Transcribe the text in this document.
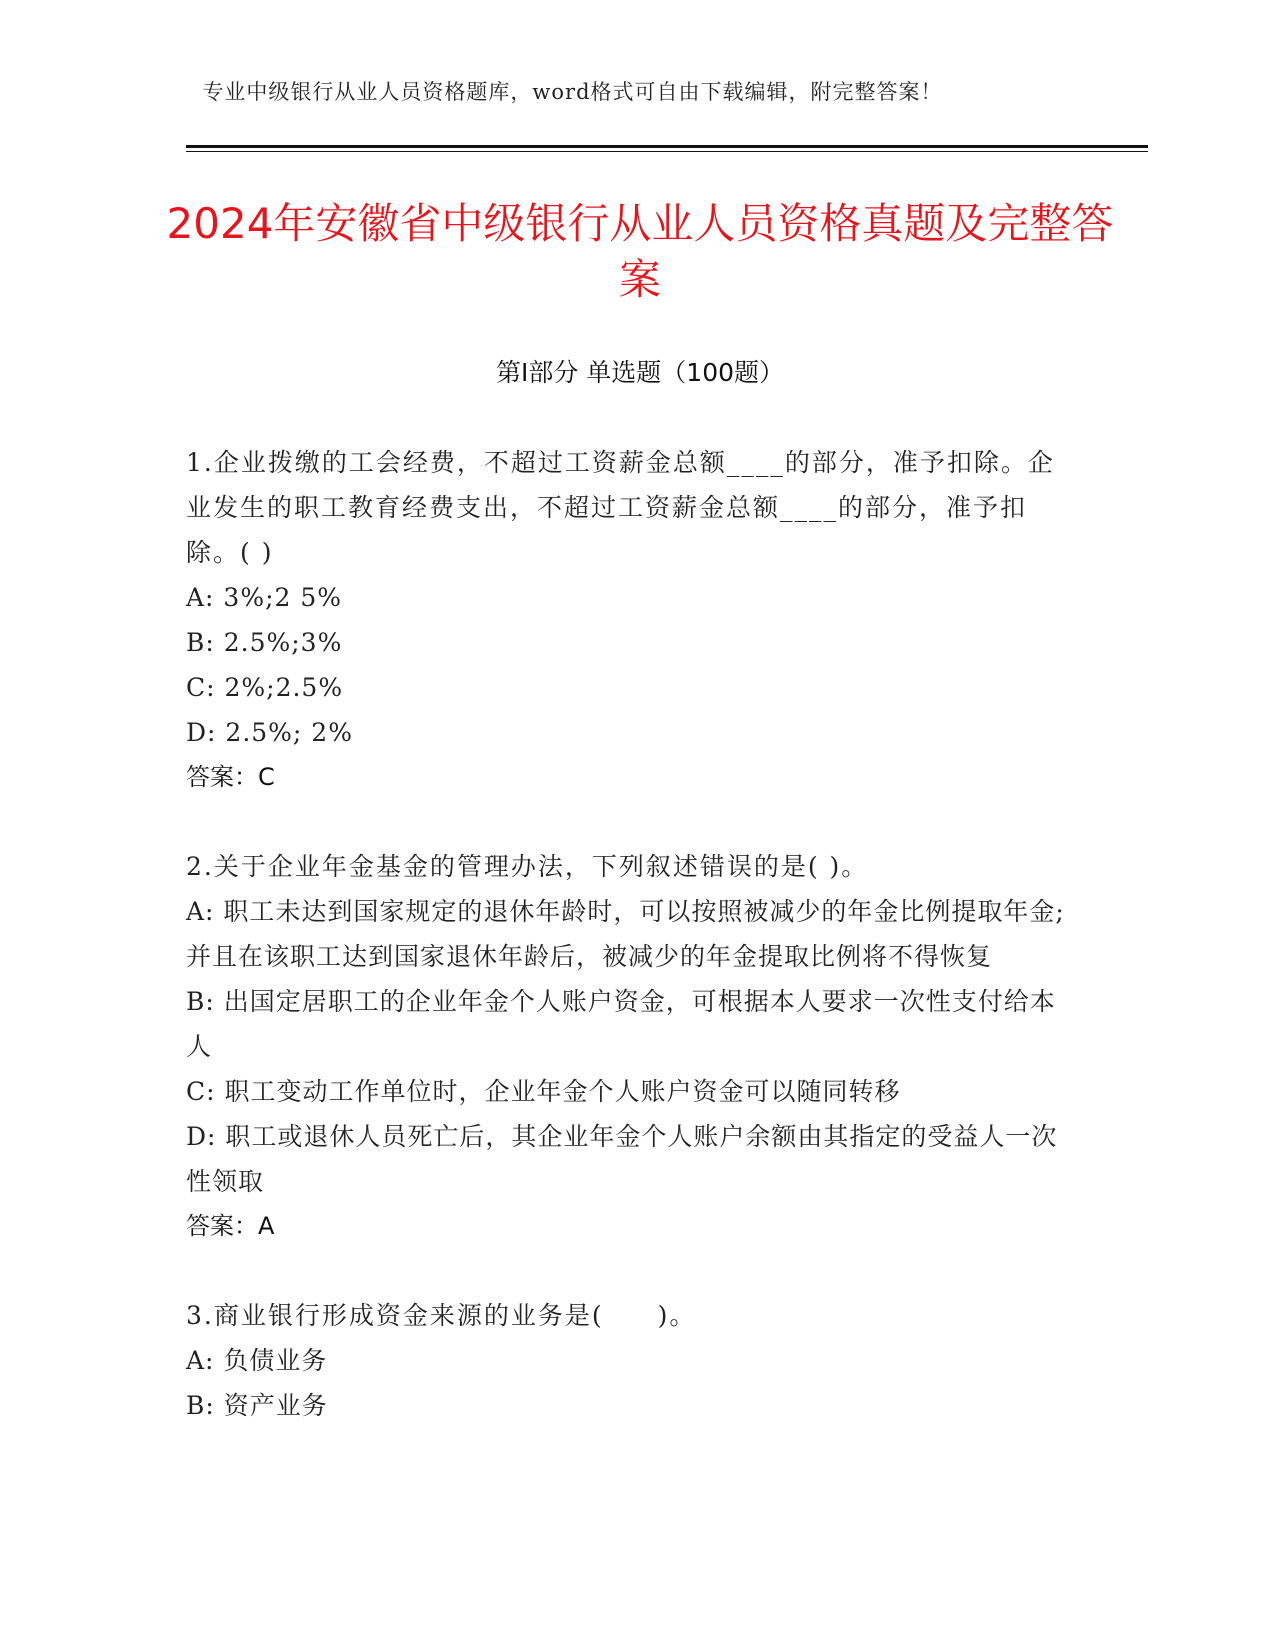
专业中级银行从业人员资格题库，word格式可自由下载编辑，附完整答案！
2024年安徽省中级银行从业人员资格真题及完整答案
第Ⅰ部分 单选题（100题）

1.企业拨缴的工会经费，不超过工资薪金总额____的部分，准予扣除。企业发生的职工教育经费支出，不超过工资薪金总额____的部分，准予扣除。( )

A: 3%;2 5%

B: 2.5%;3%

C: 2%;2.5%

D: 2.5%; 2%

答案：C

2.关于企业年金基金的管理办法，下列叙述错误的是( )。

A: 职工未达到国家规定的退休年龄时，可以按照被减少的年金比例提取年金;并且在该职工达到国家退休年龄后，被减少的年金提取比例将不得恢复

B: 出国定居职工的企业年金个人账户资金，可根据本人要求一次性支付给本人

C: 职工变动工作单位时，企业年金个人账户资金可以随同转移

D: 职工或退休人员死亡后，其企业年金个人账户余额由其指定的受益人一次性领取

答案：A

3.商业银行形成资金来源的业务是(　　)。

A: 负债业务

B: 资产业务
